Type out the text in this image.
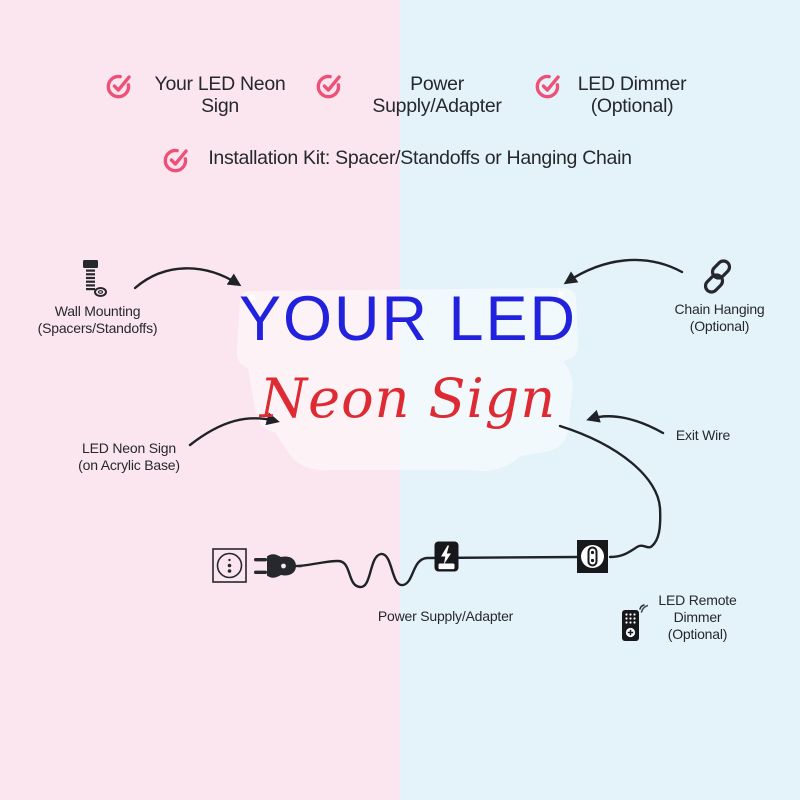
Your LED Neon Sign
Power Supply/Adapter
LED Dimmer (Optional)
Installation Kit: Spacer/Standoffs or Hanging Chain
YOUR LED
Neon Sign
Wall Mounting
(Spacers/Standoffs)
Chain Hanging
(Optional)
LED Neon Sign
(on Acrylic Base)
Exit Wire
Power Supply/Adapter
LED Remote
Dimmer
(Optional)
